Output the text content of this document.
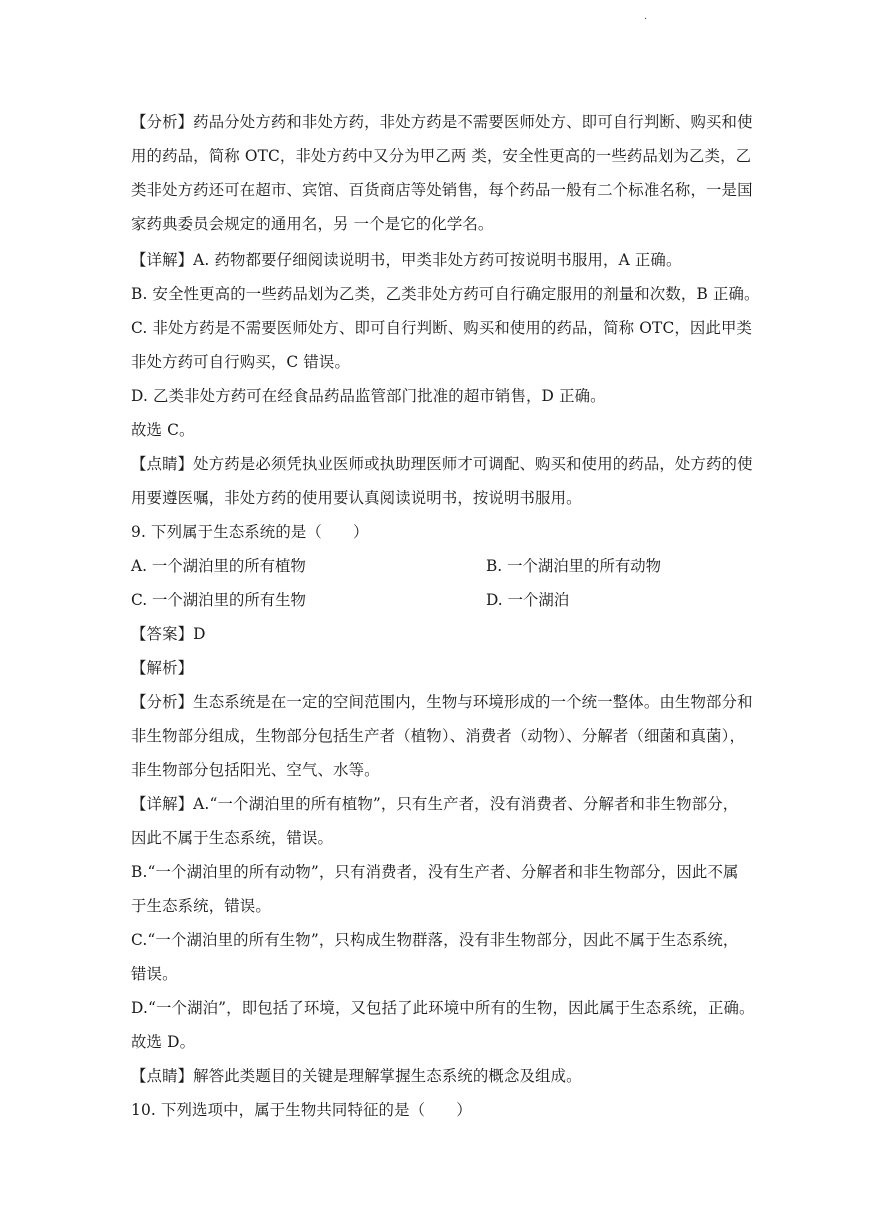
·
【分析】药品分处方药和非处方药，非处方药是不需要医师处方、即可自行判断、购买和使
用的药品，简称 OTC，非处方药中又分为甲乙两 类，安全性更高的一些药品划为乙类，乙
类非处方药还可在超市、宾馆、百货商店等处销售，每个药品一般有二个标准名称，一是国
家药典委员会规定的通用名，另 一个是它的化学名。
【详解】A. 药物都要仔细阅读说明书，甲类非处方药可按说明书服用，A 正确。
B. 安全性更高的一些药品划为乙类，乙类非处方药可自行确定服用的剂量和次数，B 正确。
C. 非处方药是不需要医师处方、即可自行判断、购买和使用的药品，简称 OTC，因此甲类
非处方药可自行购买，C 错误。
D. 乙类非处方药可在经食品药品监管部门批准的超市销售，D 正确。
故选 C。
【点睛】处方药是必须凭执业医师或执助理医师才可调配、购买和使用的药品，处方药的使
用要遵医嘱，非处方药的使用要认真阅读说明书，按说明书服用。
9. 下列属于生态系统的是（　　）
A. 一个湖泊里的所有植物	B. 一个湖泊里的所有动物
C. 一个湖泊里的所有生物	D. 一个湖泊
【答案】D
【解析】
【分析】生态系统是在一定的空间范围内，生物与环境形成的一个统一整体。由生物部分和
非生物部分组成，生物部分包括生产者（植物）、消费者（动物）、分解者（细菌和真菌），
非生物部分包括阳光、空气、水等。
【详解】A.“一个湖泊里的所有植物”，只有生产者，没有消费者、分解者和非生物部分，
因此不属于生态系统，错误。
B.“一个湖泊里的所有动物”，只有消费者，没有生产者、分解者和非生物部分，因此不属
于生态系统，错误。
C.“一个湖泊里的所有生物”，只构成生物群落，没有非生物部分，因此不属于生态系统，
错误。
D.“一个湖泊”，即包括了环境，又包括了此环境中所有的生物，因此属于生态系统，正确。
故选 D。
【点睛】解答此类题目的关键是理解掌握生态系统的概念及组成。
10. 下列选项中，属于生物共同特征的是（　　）
